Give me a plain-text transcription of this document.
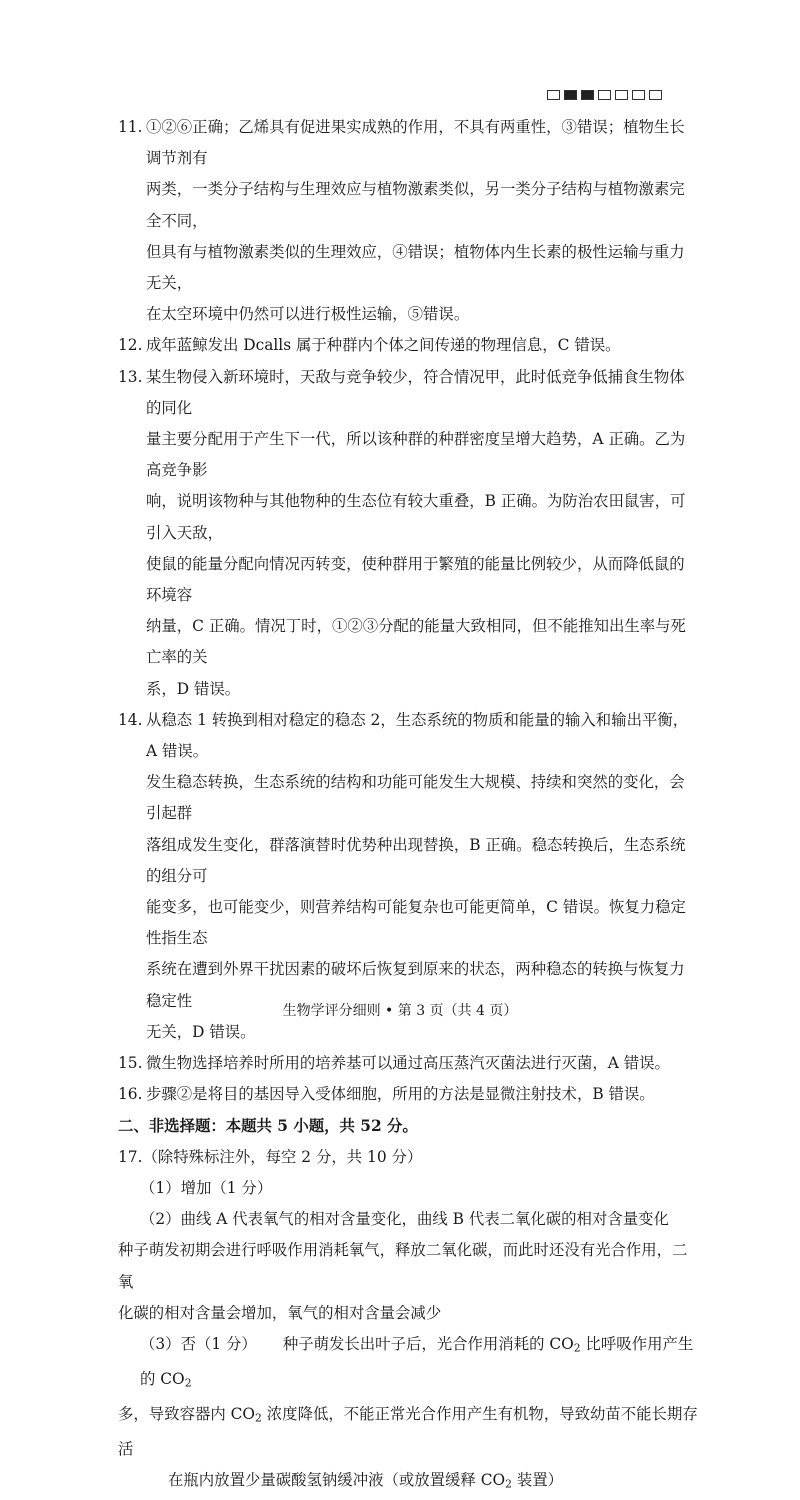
11. ①②⑥正确；乙烯具有促进果实成熟的作用，不具有两重性，③错误；植物生长调节剂有
两类，一类分子结构与生理效应与植物激素类似，另一类分子结构与植物激素完全不同，
但具有与植物激素类似的生理效应，④错误；植物体内生长素的极性运输与重力无关，
在太空环境中仍然可以进行极性运输，⑤错误。
12. 成年蓝鲸发出 Dcalls 属于种群内个体之间传递的物理信息，C 错误。
13. 某生物侵入新环境时，天敌与竞争较少，符合情况甲，此时低竞争低捕食生物体的同化
量主要分配用于产生下一代，所以该种群的种群密度呈增大趋势，A 正确。乙为高竞争影
响，说明该物种与其他物种的生态位有较大重叠，B 正确。为防治农田鼠害，可引入天敌，
使鼠的能量分配向情况丙转变，使种群用于繁殖的能量比例较少，从而降低鼠的环境容
纳量，C 正确。情况丁时，①②③分配的能量大致相同，但不能推知出生率与死亡率的关
系，D 错误。
14. 从稳态 1 转换到相对稳定的稳态 2，生态系统的物质和能量的输入和输出平衡，A 错误。
发生稳态转换，生态系统的结构和功能可能发生大规模、持续和突然的变化，会引起群
落组成发生变化，群落演替时优势种出现替换，B 正确。稳态转换后，生态系统的组分可
能变多，也可能变少，则营养结构可能复杂也可能更简单，C 错误。恢复力稳定性指生态
系统在遭到外界干扰因素的破坏后恢复到原来的状态，两种稳态的转换与恢复力稳定性
无关，D 错误。
15. 微生物选择培养时所用的培养基可以通过高压蒸汽灭菌法进行灭菌，A 错误。
16. 步骤②是将目的基因导入受体细胞，所用的方法是显微注射技术，B 错误。
二、非选择题：本题共 5 小题，共 52 分。
17.（除特殊标注外，每空 2 分，共 10 分）
（1）增加（1 分）
（2）曲线 A 代表氧气的相对含量变化，曲线 B 代表二氧化碳的相对含量变化
种子萌发初期会进行呼吸作用消耗氧气，释放二氧化碳，而此时还没有光合作用，二氧
化碳的相对含量会增加，氧气的相对含量会减少
（3）否（1 分） 种子萌发长出叶子后，光合作用消耗的 $CO_2$ 比呼吸作用产生的 $CO_2$
多，导致容器内 $CO_2$ 浓度降低，不能正常光合作用产生有机物，导致幼苗不能长期存活
在瓶内放置少量碳酸氢钠缓冲液（或放置缓释 $CO_2$ 装置）
生物学评分细则 • 第 3 页（共 4 页）
